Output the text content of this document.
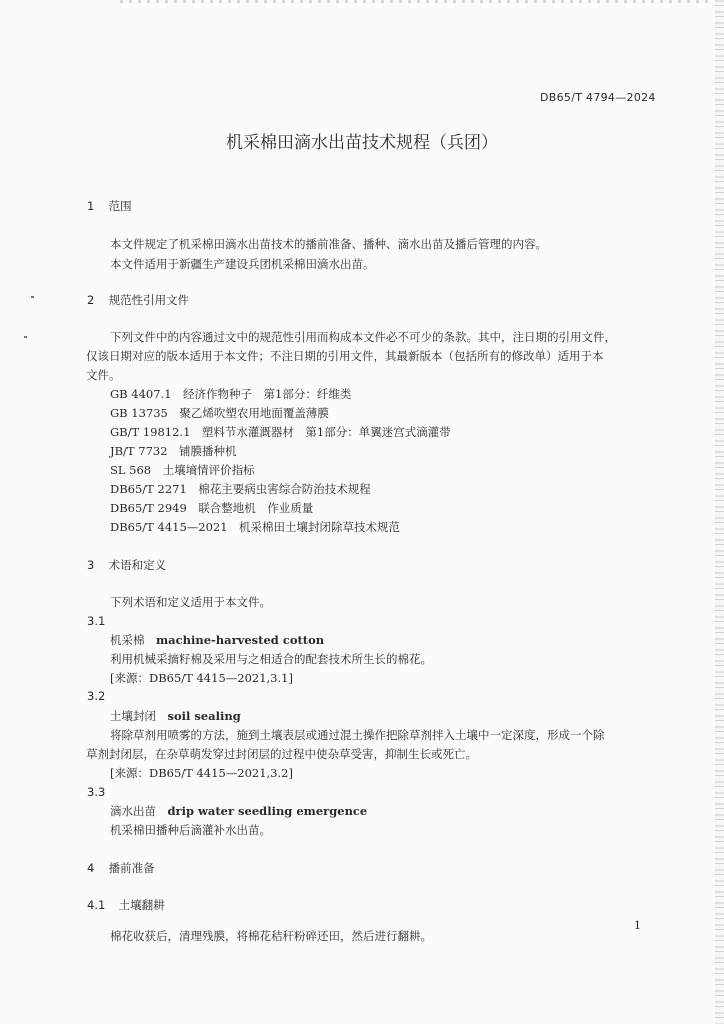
DB65/T 4794—2024
机采棉田滴水出苗技术规程（兵团）
1 范围
本文件规定了机采棉田滴水出苗技术的播前准备、播种、滴水出苗及播后管理的内容。
本文件适用于新疆生产建设兵团机采棉田滴水出苗。
2 规范性引用文件
下列文件中的内容通过文中的规范性引用而构成本文件必不可少的条款。其中，注日期的引用文件，
仅该日期对应的版本适用于本文件；不注日期的引用文件，其最新版本（包括所有的修改单）适用于本
文件。
GB 4407.1　经济作物种子　第1部分：纤维类
GB 13735　聚乙烯吹塑农用地面覆盖薄膜
GB/T 19812.1　塑料节水灌溉器材　第1部分：单翼迷宫式滴灌带
JB/T 7732　铺膜播种机
SL 568　土壤墒情评价指标
DB65/T 2271　棉花主要病虫害综合防治技术规程
DB65/T 2949　联合整地机　作业质量
DB65/T 4415—2021　机采棉田土壤封闭除草技术规范
3 术语和定义
下列术语和定义适用于本文件。
3.1
机采棉　 machine-harvested cotton
利用机械采摘籽棉及采用与之相适合的配套技术所生长的棉花。
[来源：DB65/T 4415—2021,3.1]
3.2
土壤封闭　 soil sealing
将除草剂用喷雾的方法，施到土壤表层或通过混土操作把除草剂拌入土壤中一定深度，形成一个除
草剂封闭层，在杂草萌发穿过封闭层的过程中使杂草受害，抑制生长或死亡。
[来源：DB65/T 4415—2021,3.2]
3.3
滴水出苗　 drip water seedling emergence
机采棉田播种后滴灌补水出苗。
4 播前准备
4.1 土壤翻耕
棉花收获后，清理残膜，将棉花秸秆粉碎还田，然后进行翻耕。
1
